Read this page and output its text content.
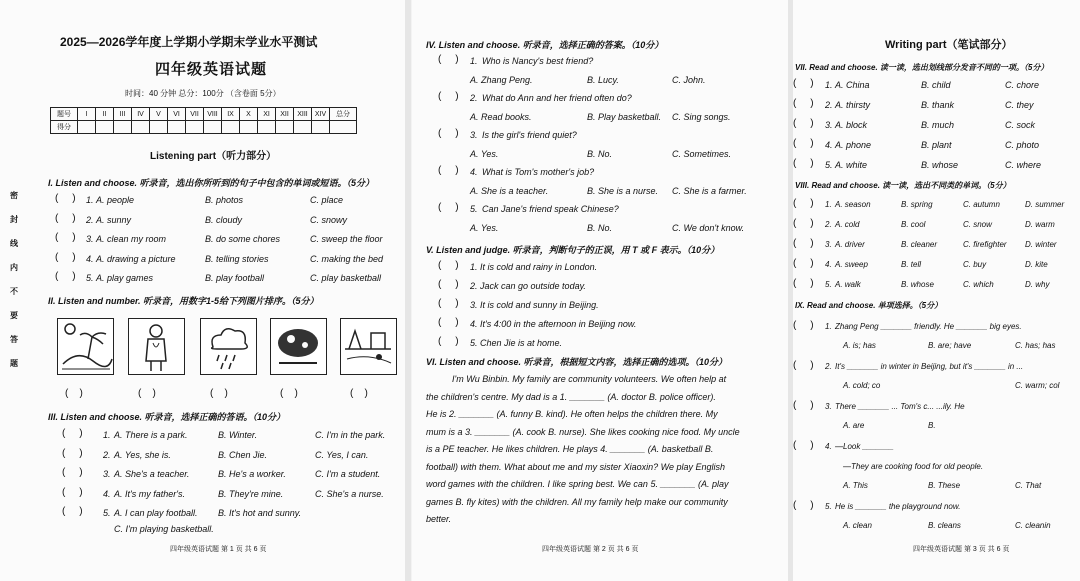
2025—2026学年度上学期小学期末学业水平测试
四年级英语试题
时间：40 分钟 总分：100分 （含卷面 5分）
题号	I	II	III	IV	V	VI	VII	VIII	IX	X	XI	XII	XIII	XIV	总分
得分															
密
封
线
内
不
要
答
题
Listening part（听力部分）
I. Listen and choose. 听录音，选出你所听到的句子中包含的单词或短语。（5分）
(     ) 1. A. people	B. photos	C. place
(     ) 2. A. sunny	B. cloudy	C. snowy
(     ) 3. A. clean my room	B. do some chores	C. sweep the floor
(     ) 4. A. drawing a picture	B. telling stories	C. making the bed
(     ) 5. A. play games	B. play football	C. play basketball
II. Listen and number. 听录音，用数字1-5给下列图片排序。（5分）
(    )	(    )	(    )	(    )	(    )
III. Listen and choose. 听录音，选择正确的答语。（10分）
(     ) 1. A. There is a park.	B. Winter.	C. I'm in the park.
(     ) 2. A. Yes, she is.	B. Chen Jie.	C. Yes, I can.
(     ) 3. A. She's a teacher.	B. He's a worker.	C. I'm a student.
(     ) 4. A. It's my father's.	B. They're mine.	C. She's a nurse.
(     ) 5. A. I can play football. B. It's hot and sunny.
C. I'm playing basketball.
四年级英语试题 第 1 页 共 6 页
IV. Listen and choose. 听录音，选择正确的答案。（10分）
(     ) 1. Who is Nancy's best friend?
A. Zhang Peng.	B. Lucy.	C. John.
(     ) 2. What do Ann and her friend often do?
A. Read books.	B. Play basketball. C. Sing songs.
(     ) 3. Is the girl's friend quiet?
A. Yes.	B. No.	C. Sometimes.
(     ) 4. What is Tom's mother's job?
A. She is a teacher.	B. She is a nurse. C. She is a farmer.
(     ) 5. Can Jane's friend speak Chinese?
A. Yes.	B. No.	C. We don't know.
V. Listen and judge. 听录音，判断句子的正误，用 T 或 F 表示。（10分）
(     ) 1. It is cold and rainy in London.
(     ) 2. Jack can go outside today.
(     ) 3. It is cold and sunny in Beijing.
(     ) 4. It's 4:00 in the afternoon in Beijing now.
(     ) 5. Chen Jie is at home.
VI. Listen and choose. 听录音，根据短文内容，选择正确的选项。（10分）
I'm Wu Binbin. My family are community volunteers. We often help at
the children's centre. My dad is a 1. _______ (A. doctor B. police officer).
He is 2. _______ (A. funny B. kind). He often helps the children there. My
mum is a 3. _______ (A. cook B. nurse). She likes cooking nice food. My uncle
is a PE teacher. He likes children. He plays 4. _______ (A. basketball B.
football) with them. What about me and my sister Xiaoxin? We play English
word games with the children. I like spring best. We can 5. _______ (A. play
games B. fly kites) with the children. All my family help make our community
better.
四年级英语试题 第 2 页 共 6 页
Writing part（笔试部分）
VII. Read and choose. 读一读，选出划线部分发音不同的一项。（5分）
(     ) 1. A. China	B. child	C. chore
(     ) 2. A. thirsty	B. thank	C. they
(     ) 3. A. block	B. much	C. sock
(     ) 4. A. phone	B. plant	C. photo
(     ) 5. A. white	B. whose	C. where
VIII. Read and choose. 读一读，选出不同类的单词。（5分）
(     ) 1. A. season	B. spring	C. autumn	D. summer
(     ) 2. A. cold	B. cool	C. snow	D. warm
(     ) 3. A. driver	B. cleaner	C. firefighter D. winter
(     ) 4. A. sweep	B. tell	C. buy	D. kite
(     ) 5. A. walk	B. whose	C. which	D. why
IX. Read and choose. 单项选择。（5分）
(     ) 1. Zhang Peng _______ friendly. He _______ big eyes.
A. is; has	B. are; have	C. has; has
(     ) 2. It's _______ in winter in Beijing, but it's _______ in ...
A. cold; co	C. warm; col
(     ) 3. There _______ ... Tom's c... ...ily. He
A. are	B.
(     ) 4. —Look _______
—They are cooking food for old people.
A. This	B. These	C. That
(     ) 5. He is _______ the playground now.
A. clean	B. cleans	C. cleanin
四年级英语试题 第 3 页 共 6 页
